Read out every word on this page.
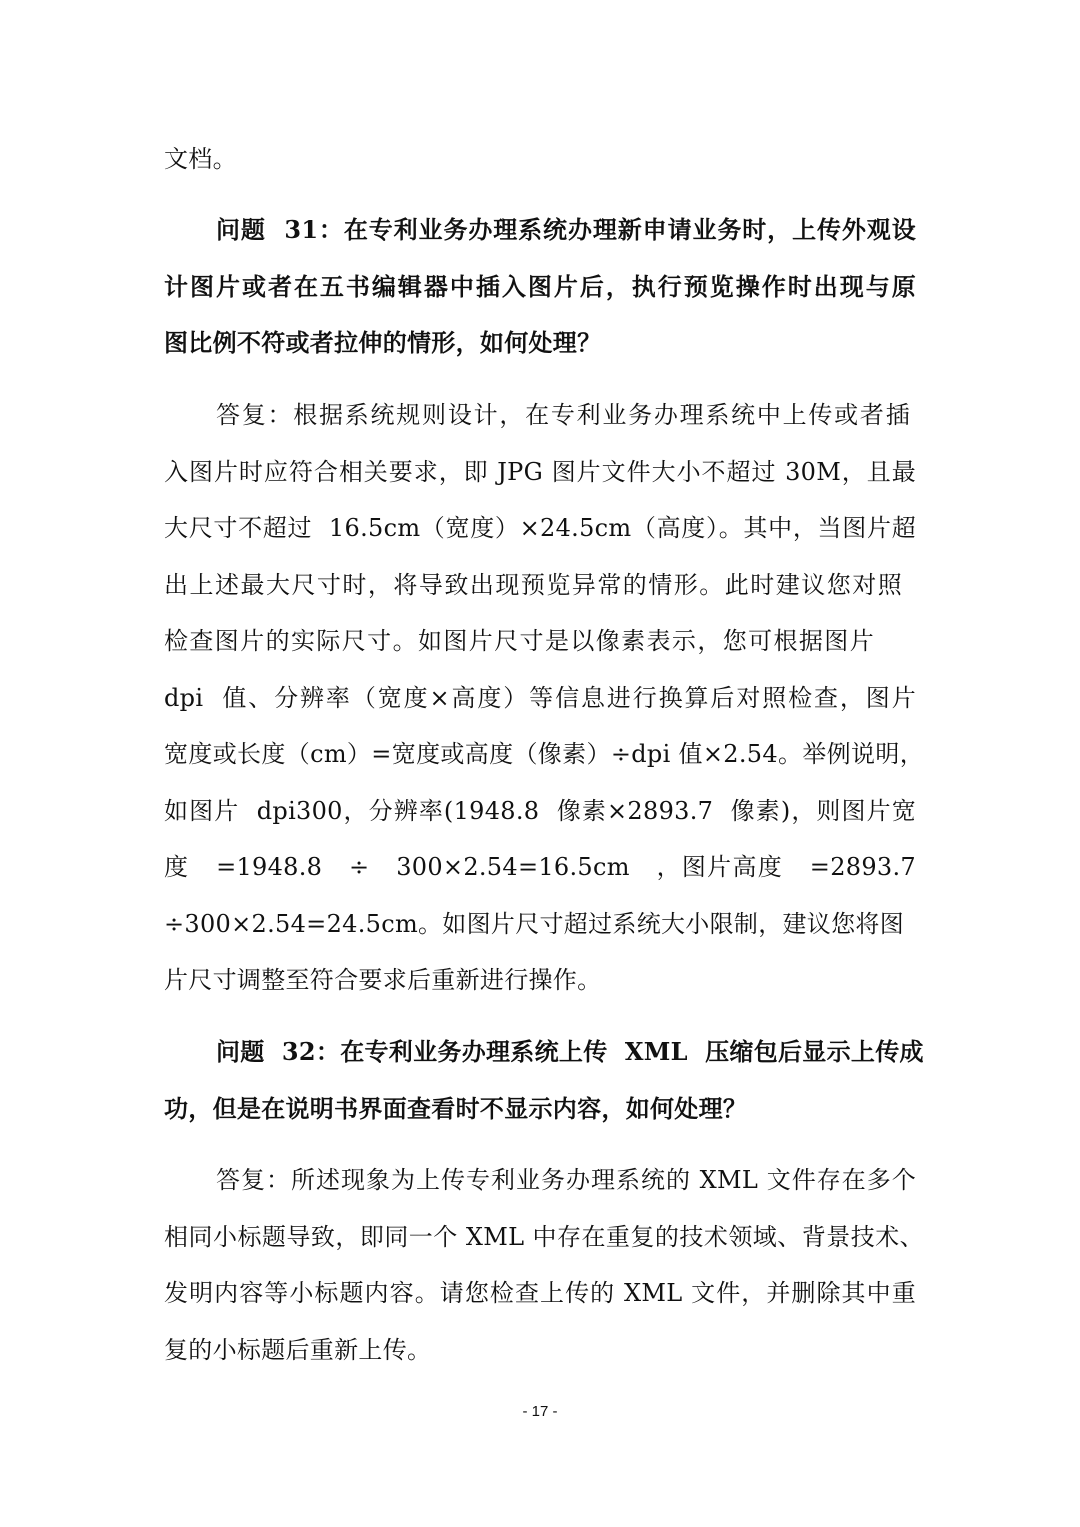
文档。
问题  31：在专利业务办理系统办理新申请业务时，上传外观设
计图片或者在五书编辑器中插入图片后，执行预览操作时出现与原
图比例不符或者拉伸的情形，如何处理？
答复：根据系统规则设计，在专利业务办理系统中上传或者插
入图片时应符合相关要求，即 JPG 图片文件大小不超过 30M，且最
大尺寸不超过  16.5cm（宽度）×24.5cm（高度）。其中，当图片超
出上述最大尺寸时，将导致出现预览异常的情形。此时建议您对照
检查图片的实际尺寸。如图片尺寸是以像素表示，您可根据图片
dpi  值、分辨率（宽度×高度）等信息进行换算后对照检查，图片
宽度或长度（cm）=宽度或高度（像素）÷dpi 值×2.54。举例说明，
如图片  dpi300，分辨率(1948.8  像素×2893.7  像素)，则图片宽
度   =1948.8   ÷   300×2.54=16.5cm   ，图片高度   =2893.7
÷300×2.54=24.5cm。如图片尺寸超过系统大小限制，建议您将图
片尺寸调整至符合要求后重新进行操作。
问题  32：在专利业务办理系统上传  XML  压缩包后显示上传成
功，但是在说明书界面查看时不显示内容，如何处理？
答复：所述现象为上传专利业务办理系统的 XML 文件存在多个
相同小标题导致，即同一个 XML 中存在重复的技术领域、背景技术、
发明内容等小标题内容。请您检查上传的 XML 文件，并删除其中重
复的小标题后重新上传。
- 17 -
